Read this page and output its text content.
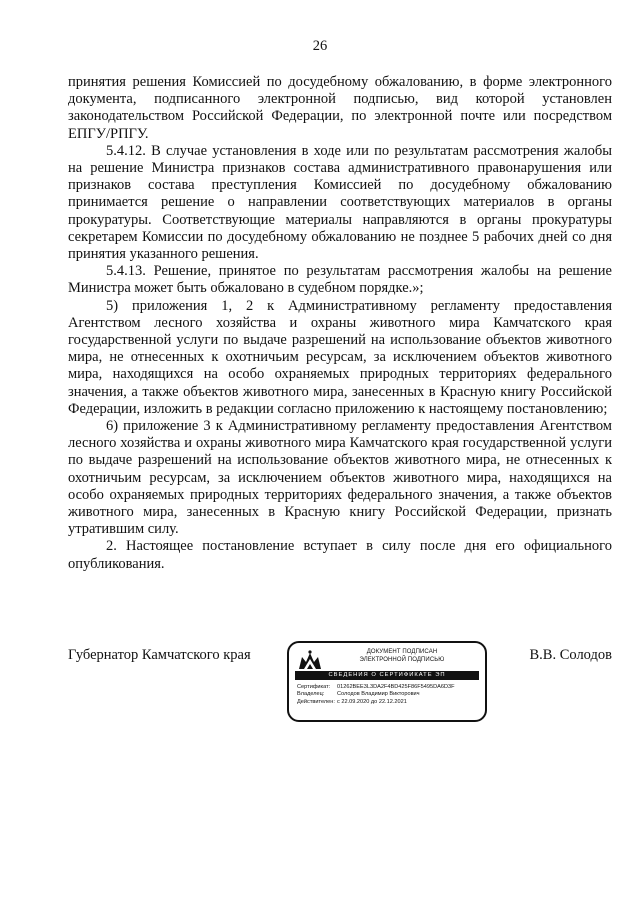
26

принятия решения Комиссией по досудебному обжалованию, в форме электронного документа, подписанного электронной подписью, вид которой установлен законодательством Российской Федерации, по электронной почте или посредством ЕПГУ/РПГУ.

5.4.12. В случае установления в ходе или по результатам рассмотрения жалобы на решение Министра признаков состава административного правонарушения или признаков состава преступления Комиссией по досудебному обжалованию принимается решение о направлении соответствующих материалов в органы прокуратуры. Соответствующие материалы направляются в органы прокуратуры секретарем Комиссии по досудебному обжалованию не позднее 5 рабочих дней со дня принятия указанного решения.

5.4.13. Решение, принятое по результатам рассмотрения жалобы на решение Министра может быть обжаловано в судебном порядке.»;

5) приложения 1, 2 к Административному регламенту предоставления Агентством лесного хозяйства и охраны животного мира Камчатского края государственной услуги по выдаче разрешений на использование объектов животного мира, не отнесенных к охотничьим ресурсам, за исключением объектов животного мира, находящихся на особо охраняемых природных территориях федерального значения, а также объектов животного мира, занесенных в Красную книгу Российской Федерации, изложить в редакции согласно приложению к настоящему постановлению;

6) приложение 3 к Административному регламенту предоставления Агентством лесного хозяйства и охраны животного мира Камчатского края государственной услуги по выдаче разрешений на использование объектов животного мира, не отнесенных к охотничьим ресурсам, за исключением объектов животного мира, находящихся на особо охраняемых природных территориях федерального значения, а также объектов животного мира, занесенных в Красную книгу Российской Федерации, признать утратившим силу.

2. Настоящее постановление вступает в силу после дня его официального опубликования.

Губернатор Камчатского края	ДОКУМЕНТ ПОДПИСАН
ЭЛЕКТРОННОЙ ПОДПИСЬЮ
СВЕДЕНИЯ О СЕРТИФИКАТЕ ЭП
Сертификат:	01262BEE3L3DA2F4BD425F86F5495DA6D3F
Владелец:	Солодов Владимир Викторович
Действителен: с 22.09.2020 до 22.12.2021
В.В. Солодов
